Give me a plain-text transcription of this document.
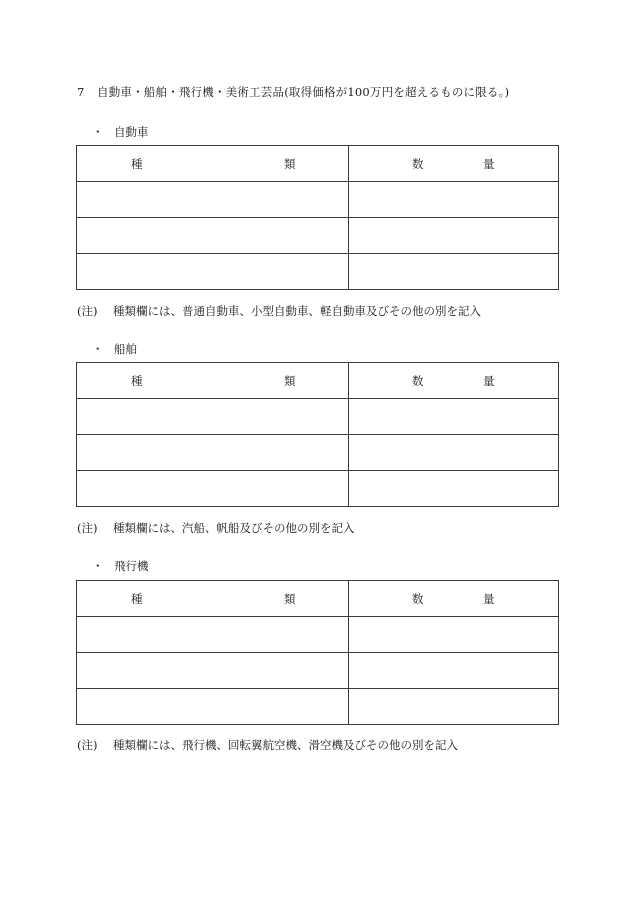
7 自動車・船舶・飛行機・美術工芸品(取得価格が100万円を超えるものに限る。)
・ 自動車
種 類	数 量

(注) 種類欄には、普通自動車、小型自動車、軽自動車及びその他の別を記入
・ 船舶
種 類	数 量

(注) 種類欄には、汽船、帆船及びその他の別を記入
・ 飛行機
種 類	数 量

(注) 種類欄には、飛行機、回転翼航空機、滑空機及びその他の別を記入
